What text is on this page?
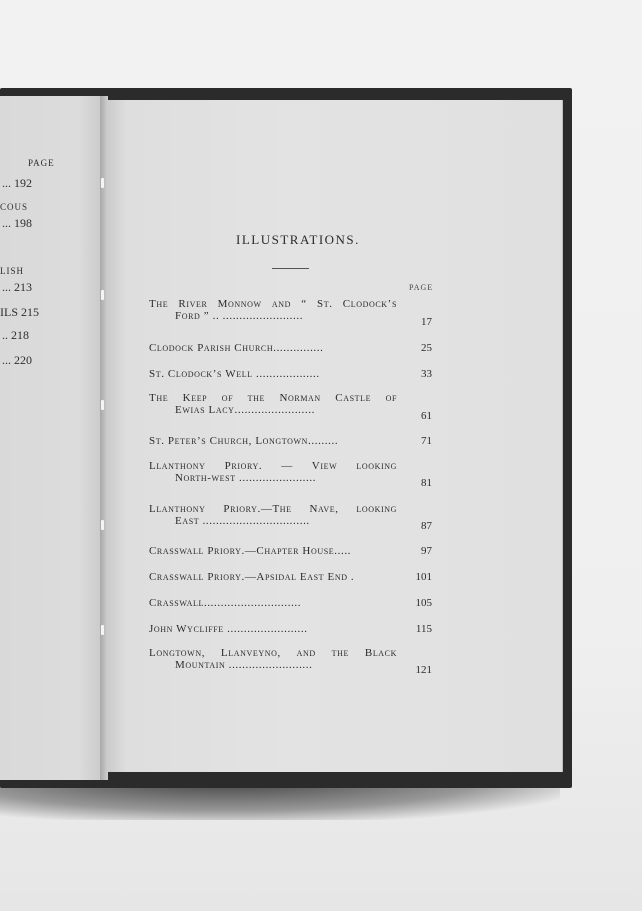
PAGE
... 192
COUS
... 198
LISH
... 213
ILS 215
.. 218
... 220
ILLUSTRATIONS.
PAGE
The River Monnow and “ St. Clodock’s
Ford ” .. ........................	17
Clodock Parish Church...............	25
St. Clodock’s Well ...................	33
The Keep of the Norman Castle of
Ewias Lacy........................	61
St. Peter’s Church, Longtown.........	71
Llanthony Priory. — View looking
North-west .......................	81
Llanthony Priory.—The Nave, looking
East ................................	87
Crasswall Priory.—Chapter House.....	97
Crasswall Priory.—Apsidal East End .	101
Crasswall.............................	105
John Wycliffe ........................	115
Longtown, Llanveyno, and the Black
Mountain .........................	121
